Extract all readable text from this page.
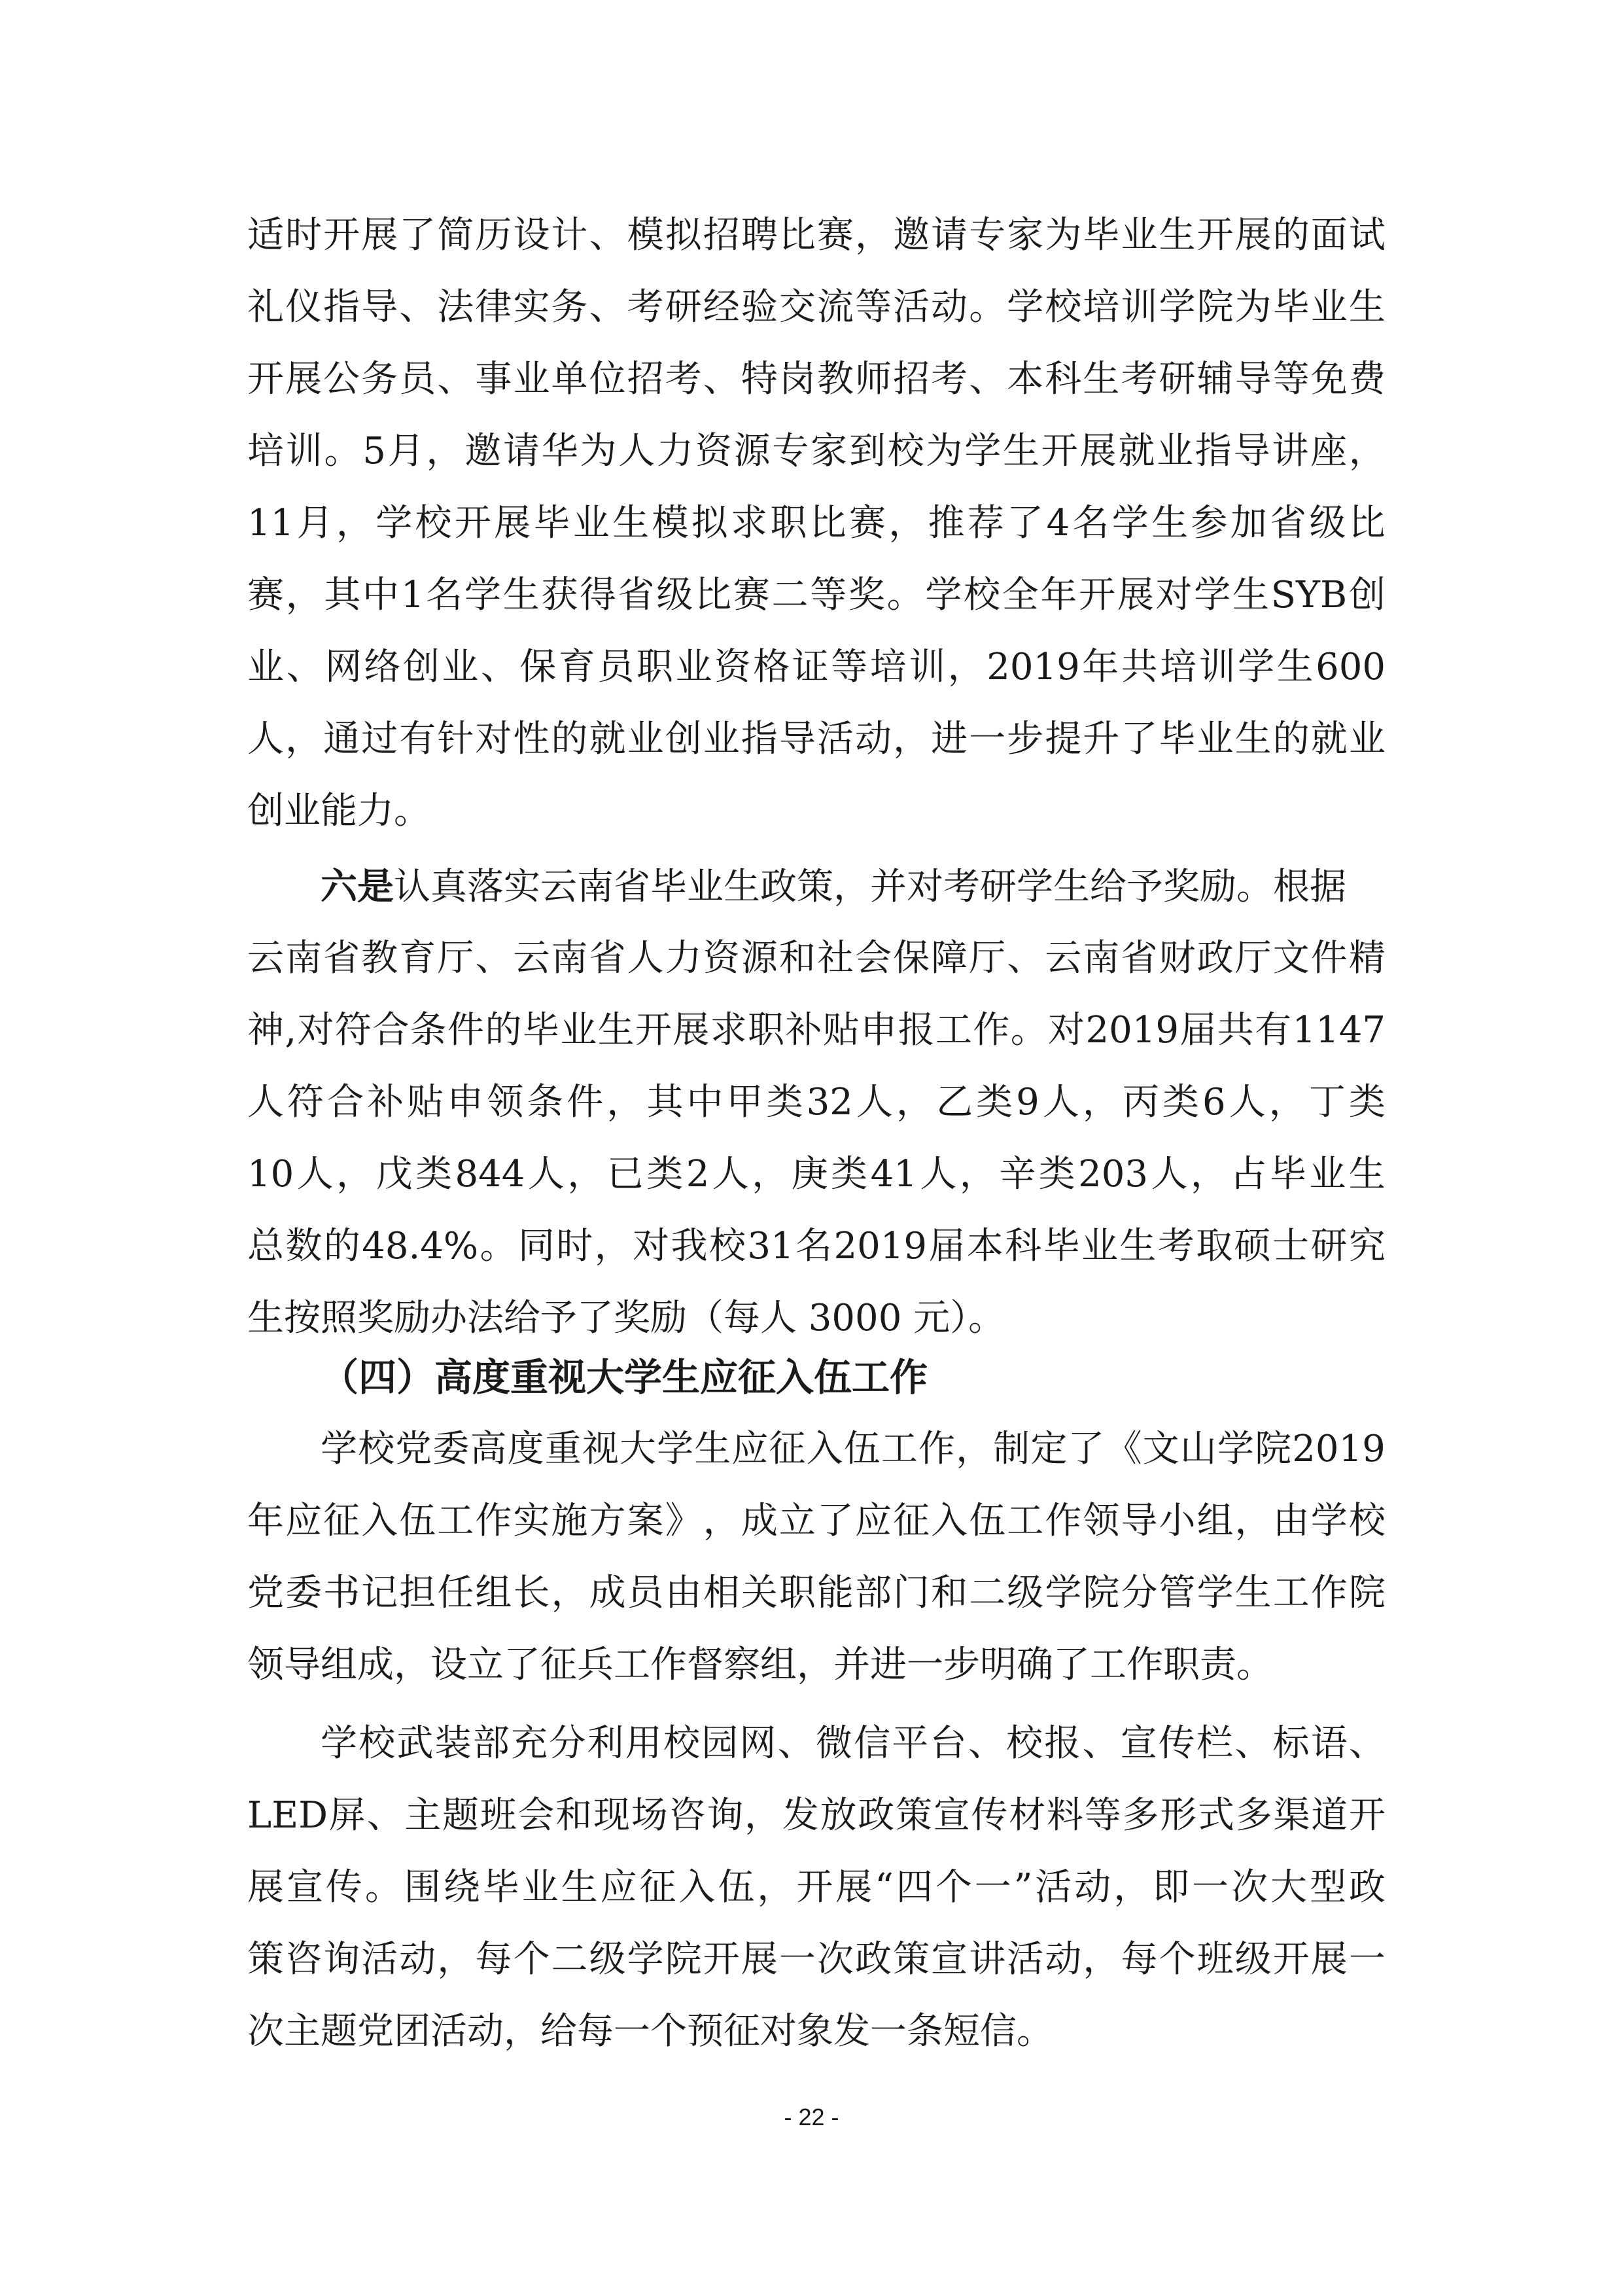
适 时 开 展 了 简 历 设 计 、 模 拟 招 聘 比 赛 ， 邀 请 专 家 为 毕 业 生 开 展 的 面 试
礼 仪 指 导 、 法 律 实 务 、 考 研 经 验 交 流 等 活 动 。 学 校 培 训 学 院 为 毕 业 生
开 展 公 务 员 、 事 业 单 位 招 考 、 特 岗 教 师 招 考 、 本 科 生 考 研 辅 导 等 免 费
培 训 。 5 月 ， 邀 请 华 为 人 力 资 源 专 家 到 校 为 学 生 开 展 就 业 指 导 讲 座 ，
11 月 ， 学 校 开 展 毕 业 生 模 拟 求 职 比 赛 ， 推 荐 了 4 名 学 生 参 加 省 级 比
赛 ， 其 中 1 名 学 生 获 得 省 级 比 赛 二 等 奖 。 学 校 全 年 开 展 对 学 生 SYB 创
业 、 网 络 创 业 、 保 育 员 职 业 资 格 证 等 培 训 ， 2019 年 共 培 训 学 生 600
人 ， 通 过 有 针 对 性 的 就 业 创 业 指 导 活 动 ， 进 一 步 提 升 了 毕 业 生 的 就 业
创业能力。
六是认真落实云南省毕业生政策，并对考研学生给予奖励。根据
云 南 省 教 育 厅 、 云 南 省 人 力 资 源 和 社 会 保 障 厅 、 云 南 省 财 政 厅 文 件 精
神 , 对 符 合 条 件 的 毕 业 生 开 展 求 职 补 贴 申 报 工 作 。 对 2019 届 共 有 1147
人 符 合 补 贴 申 领 条 件 ， 其 中 甲 类 32 人 ， 乙 类 9 人 ， 丙 类 6 人 ， 丁 类
10 人 ， 戊 类 844 人 ， 已 类 2 人 ， 庚 类 41 人 ， 辛 类 203 人 ， 占 毕 业 生
总 数 的 48.4% 。 同 时 ， 对 我 校 31 名 2019 届 本 科 毕 业 生 考 取 硕 士 研 究
生按照奖励办法给予了奖励（每人 3000 元）。
（四）高度重视大学生应征入伍工作
学 校 党 委 高 度 重 视 大 学 生 应 征 入 伍 工 作 ， 制 定 了 《 文 山 学 院 2019
年 应 征 入 伍 工 作 实 施 方 案 》 ， 成 立 了 应 征 入 伍 工 作 领 导 小 组 ， 由 学 校
党 委 书 记 担 任 组 长 ， 成 员 由 相 关 职 能 部 门 和 二 级 学 院 分 管 学 生 工 作 院
领导组成，设立了征兵工作督察组，并进一步明确了工作职责。
学 校 武 装 部 充 分 利 用 校 园 网 、 微 信 平 台 、 校 报 、 宣 传 栏 、 标 语 、
LED 屏 、 主 题 班 会 和 现 场 咨 询 ， 发 放 政 策 宣 传 材 料 等 多 形 式 多 渠 道 开
展 宣 传 。 围 绕 毕 业 生 应 征 入 伍 ， 开 展 “ 四 个 一 ” 活 动 ， 即 一 次 大 型 政
策 咨 询 活 动 ， 每 个 二 级 学 院 开 展 一 次 政 策 宣 讲 活 动 ， 每 个 班 级 开 展 一
次主题党团活动，给每一个预征对象发一条短信。
- 22 -
